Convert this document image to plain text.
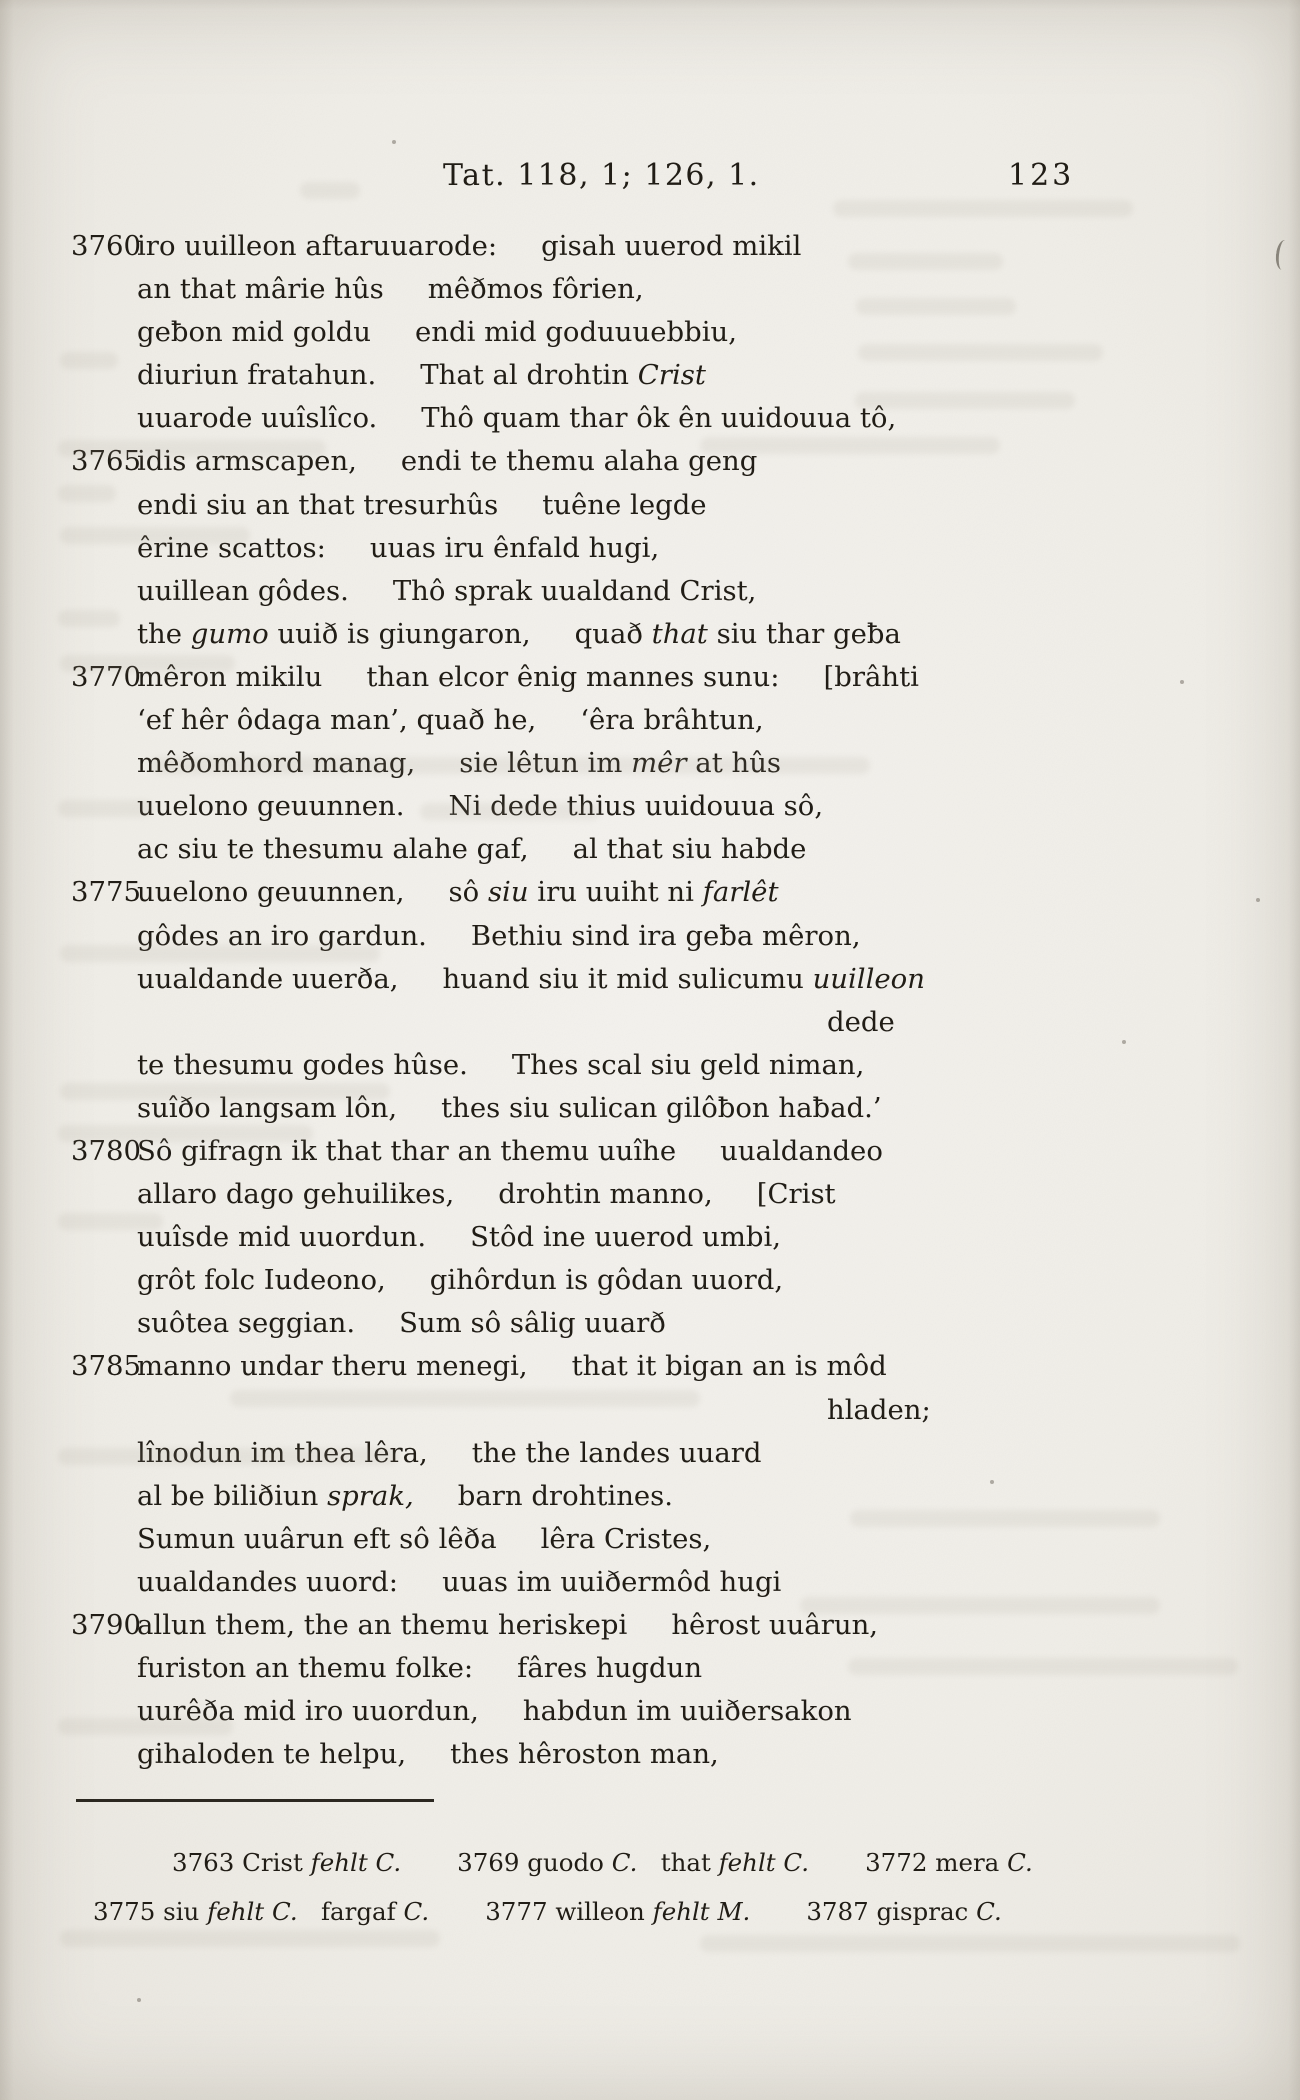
Tat. 118, 1; 126, 1.	123
3760
iro uuilleon aftaruuarode: gisah uuerod mikil
an that mârie hûs mêðmos fôrien,
geƀon mid goldu endi mid goduuuebbiu,
diuriun fratahun. That al drohtin Crist
uuarode uuîslîco. Thô quam thar ôk ên uuidouua tô,
3765
idis armscapen, endi te themu alaha geng
endi siu an that tresurhûs tuêne legde
êrine scattos: uuas iru ênfald hugi,
uuillean gôdes. Thô sprak uualdand Crist,
the gumo uuið is giungaron, quað that siu thar geƀa
3770
mêron mikilu than elcor ênig mannes sunu: [brâhti
‘ef hêr ôdaga man’, quað he, ‘êra brâhtun,
mêðomhord manag, sie lêtun im mêr at hûs
uuelono geuunnen. Ni dede thius uuidouua sô,
ac siu te thesumu alahe gaf, al that siu habde
3775
uuelono geuunnen, sô siu iru uuiht ni farlêt
gôdes an iro gardun. Bethiu sind ira geƀa mêron,
uualdande uuerða, huand siu it mid sulicumu uuilleon
dede
te thesumu godes hûse. Thes scal siu geld niman,
suîðo langsam lôn, thes siu sulican gilôƀon haƀad.’
3780
Sô gifragn ik that thar an themu uuîhe uualdandeo
allaro dago gehuilikes, drohtin manno, [Crist
uuîsde mid uuordun. Stôd ine uuerod umbi,
grôt folc Iudeono, gihôrdun is gôdan uuord,
suôtea seggian. Sum sô sâlig uuarð
3785
manno undar theru menegi, that it bigan an is môd
hladen;
lînodun im thea lêra, the the landes uuard
al be biliðiun sprak, barn drohtines.
Sumun uuârun eft sô lêða lêra Cristes,
uualdandes uuord: uuas im uuiðermôd hugi
3790
allun them, the an themu heriskepi hêrost uuârun,
furiston an themu folke: fâres hugdun
uurêða mid iro uuordun, habdun im uuiðersakon
gihaloden te helpu, thes hêroston man,
3763 Crist fehlt C. 3769 guodo C.   that fehlt C. 3772 mera C.
3775 siu fehlt C.   fargaf C. 3777 willeon fehlt M. 3787 gisprac C.
